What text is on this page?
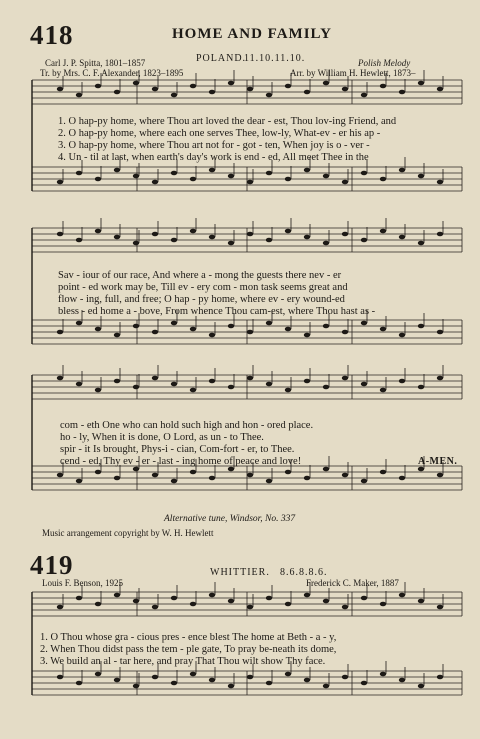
418	HOME AND FAMILY
POLAND.
11.10.11.10.
Carl J. P. Spitta, 1801–1857	Polish Melody
Tr. by Mrs. C. F. Alexander, 1823–1895	Arr. by William H. Hewlett, 1873–
1. O hap-py home, where Thou art loved the dear - est, Thou lov-ing Friend, and
2. O hap-py home, where each one serves Thee, low-ly, What-ev - er his ap -
3. O hap-py home, where Thou art not for - got - ten, When joy is o - ver -
4. Un - til at last, when earth's day's work is end - ed, All meet Thee in the
Sav - iour of our race, And where a - mong the guests there nev - er
point - ed work may be, Till ev - ery com - mon task seems great and
flow - ing, full, and free; O hap - py home, where ev - ery wound-ed
bless - ed home a - bove, From whence Thou cam-est, where Thou hast as -
com - eth One who can hold such high and hon - ored place.
ho - ly, When it is done, O Lord, as un - to Thee.
spir - it Is brought, Phys-i - cian, Com-fort - er, to Thee.
cend - ed, Thy ev - er - last - ing home of peace and love!	A-MEN.
Alternative tune, Windsor, No. 337
Music arrangement copyright by W. H. Hewlett
419	WHITTIER. 8.6.8.8.6.
Louis F. Benson, 1925	Frederick C. Maker, 1887
1. O Thou whose gra - cious pres - ence blest The home at Beth - a - y,
2. When Thou didst pass the tem - ple gate, To pray be-neath its dome,
3. We build an al - tar here, and pray That Thou wilt show Thy face.
